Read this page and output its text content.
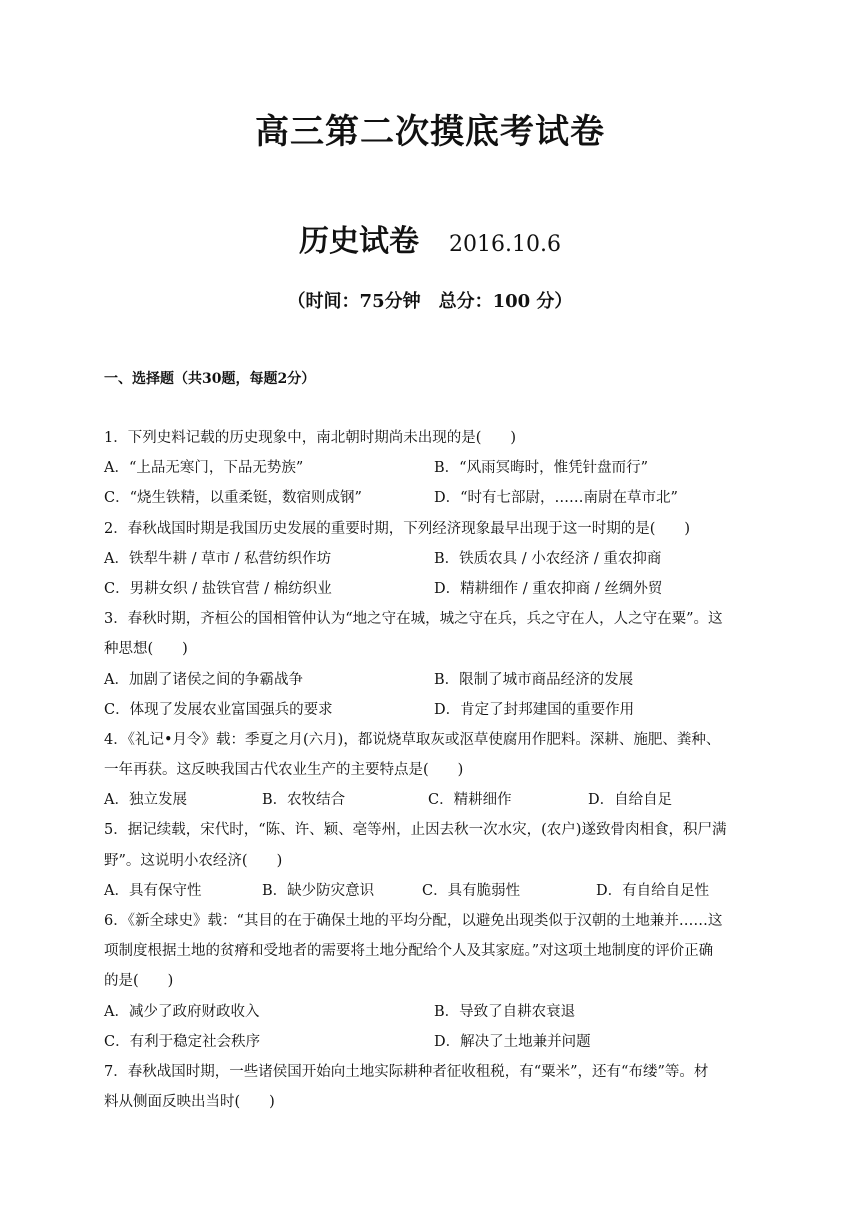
高三第二次摸底考试卷
历史试卷 2016.10.6
（时间：75分钟　总分：100 分）
一、选择题（共30题，每题2分）
1．下列史料记载的历史现象中，南北朝时期尚未出现的是(　　)
A．“上品无寒门，下品无势族”	B．“风雨冥晦时，惟凭针盘而行”
C．“烧生铁精，以重柔铤，数宿则成钢”	D．“时有七部尉，……南尉在草市北”
2．春秋战国时期是我国历史发展的重要时期，下列经济现象最早出现于这一时期的是(　　)
A．铁犁牛耕 / 草市 / 私营纺织作坊	B．铁质农具 / 小农经济 / 重农抑商
C．男耕女织 / 盐铁官营 / 棉纺织业	D．精耕细作 / 重农抑商 / 丝绸外贸
3．春秋时期，齐桓公的国相管仲认为“地之守在城，城之守在兵，兵之守在人，人之守在粟”。这
种思想(　　)
A．加剧了诸侯之间的争霸战争	B．限制了城市商品经济的发展
C．体现了发展农业富国强兵的要求	D．肯定了封邦建国的重要作用
4．《礼记•月令》载：季夏之月(六月)，都说烧草取灰或沤草使腐用作肥料。深耕、施肥、粪种、
一年再获。这反映我国古代农业生产的主要特点是(　　)
A．独立发展	B．农牧结合	C．精耕细作	D．自给自足
5．据记续载，宋代时，“陈、许、颖、亳等州，止因去秋一次水灾，(农户)遂致骨肉相食，积尸满
野”。这说明小农经济(　　)
A．具有保守性	B．缺少防灾意识	C．具有脆弱性	D．有自给自足性
6．《新全球史》载：“其目的在于确保土地的平均分配，以避免出现类似于汉朝的土地兼并……这
项制度根据土地的贫瘠和受地者的需要将土地分配给个人及其家庭。”对这项土地制度的评价正确
的是(　　)
A．减少了政府财政收入	B．导致了自耕农衰退
C．有利于稳定社会秩序	D．解决了土地兼并问题
7．春秋战国时期，一些诸侯国开始向土地实际耕种者征收租税，有“粟米”，还有“布缕”等。材
料从侧面反映出当时(　　)
